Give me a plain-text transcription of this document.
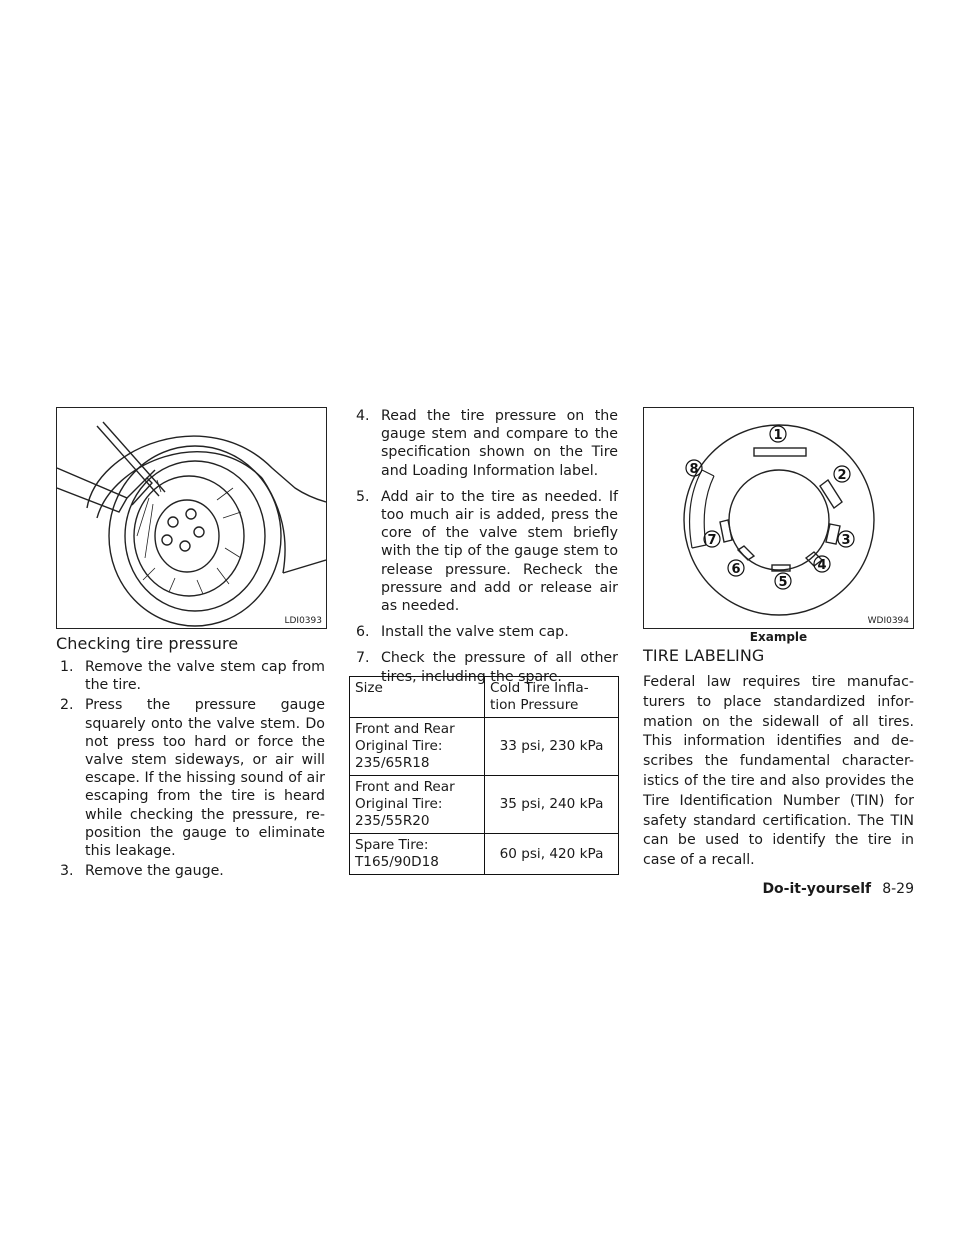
LDI0393
Checking tire pressure
1. Remove the valve stem cap from the tire.
2. Press the pressure gauge squarely onto the valve stem. Do not press too hard or force the valve stem sideways, or air will escape. If the hissing sound of air escaping from the tire is heard while checking the pressure, re-position the gauge to eliminate this leakage.
3. Remove the gauge.
4. Read the tire pressure on the gauge stem and compare to the specification shown on the Tire and Loading Information label.
5. Add air to the tire as needed. If too much air is added, press the core of the valve stem briefly with the tip of the gauge stem to release pressure. Recheck the pressure and add or release air as needed.
6. Install the valve stem cap.
7. Check the pressure of all other tires, including the spare.
Size	Cold Tire Infla-tion Pressure
Front and Rear Original Tire: 235/65R18	33 psi, 230 kPa
Front and Rear Original Tire: 235/55R20	35 psi, 240 kPa
Spare Tire: T165/90D18	60 psi, 420 kPa
1
2
3
4
5
6
7
8
WDI0394
Example
TIRE LABELING

Federal law requires tire manufac-turers to place standardized infor-mation on the sidewall of all tires. This information identifies and de-scribes the fundamental character-istics of the tire and also provides the Tire Identification Number (TIN) for safety standard certification. The TIN can be used to identify the tire in case of a recall.

Do-it-yourself 8-29
